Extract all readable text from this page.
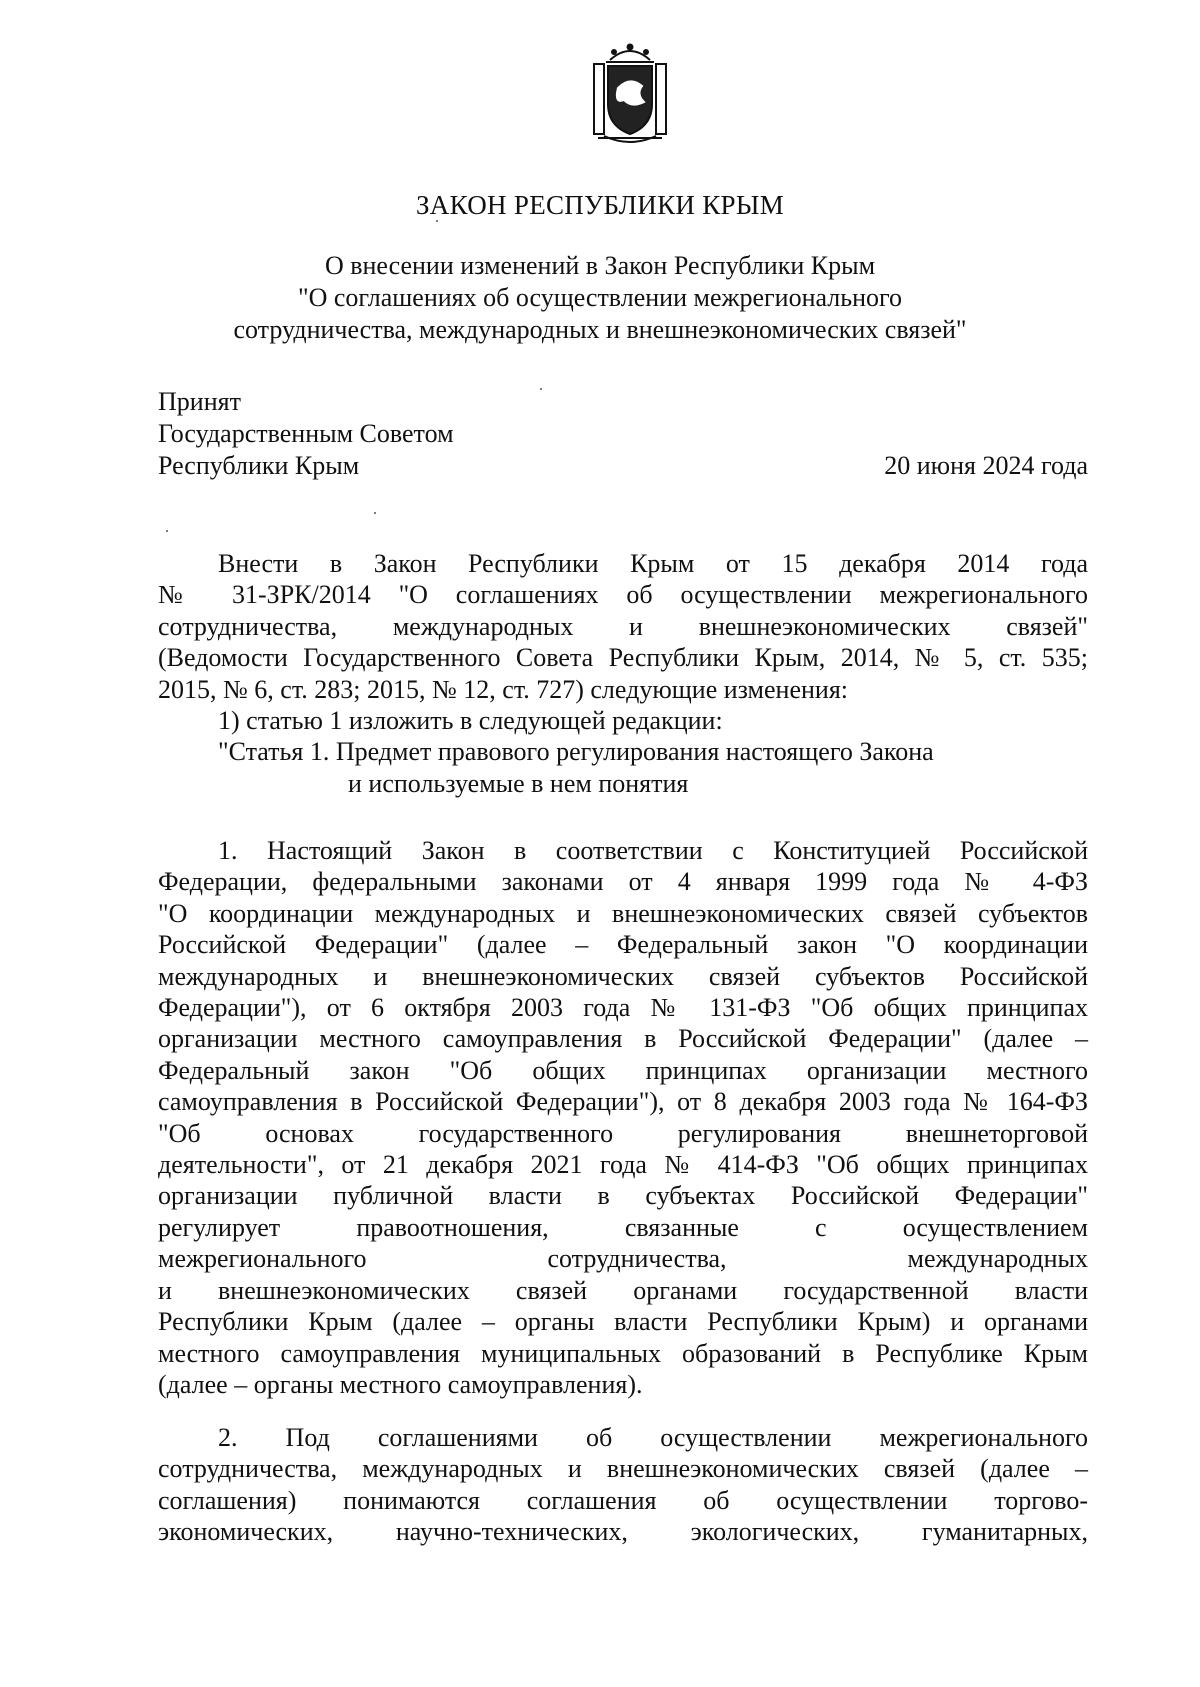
ЗАКОН РЕСПУБЛИКИ КРЫМ
О внесении изменений в Закон Республики Крым
"О соглашениях об осуществлении межрегионального
сотрудничества, международных и внешнеэкономических связей"
Принят
Государственным Советом
Республики Крым	20 июня 2024 года
Внести в Закон Республики Крым от 15 декабря 2014 года
№ 31-ЗРК/2014 "О соглашениях об осуществлении межрегионального
сотрудничества, международных и внешнеэкономических связей"
(Ведомости Государственного Совета Республики Крым, 2014, № 5, ст. 535;
2015, № 6, ст. 283; 2015, № 12, ст. 727) следующие изменения:
1) статью 1 изложить в следующей редакции:
"Статья 1. Предмет правового регулирования настоящего Закона
и используемые в нем понятия
1. Настоящий Закон в соответствии с Конституцией Российской
Федерации, федеральными законами от 4 января 1999 года № 4-ФЗ
"О координации международных и внешнеэкономических связей субъектов
Российской Федерации" (далее – Федеральный закон "О координации
международных и внешнеэкономических связей субъектов Российской
Федерации"), от 6 октября 2003 года № 131-ФЗ "Об общих принципах
организации местного самоуправления в Российской Федерации" (далее –
Федеральный закон "Об общих принципах организации местного
самоуправления в Российской Федерации"), от 8 декабря 2003 года № 164-ФЗ
"Об основах государственного регулирования внешнеторговой
деятельности", от 21 декабря 2021 года № 414-ФЗ "Об общих принципах
организации публичной власти в субъектах Российской Федерации"
регулирует правоотношения, связанные с осуществлением
межрегионального сотрудничества, международных
и внешнеэкономических связей органами государственной власти
Республики Крым (далее – органы власти Республики Крым) и органами
местного самоуправления муниципальных образований в Республике Крым
(далее – органы местного самоуправления).
2. Под соглашениями об осуществлении межрегионального
сотрудничества, международных и внешнеэкономических связей (далее –
соглашения) понимаются соглашения об осуществлении торгово-
экономических, научно-технических, экологических, гуманитарных,
